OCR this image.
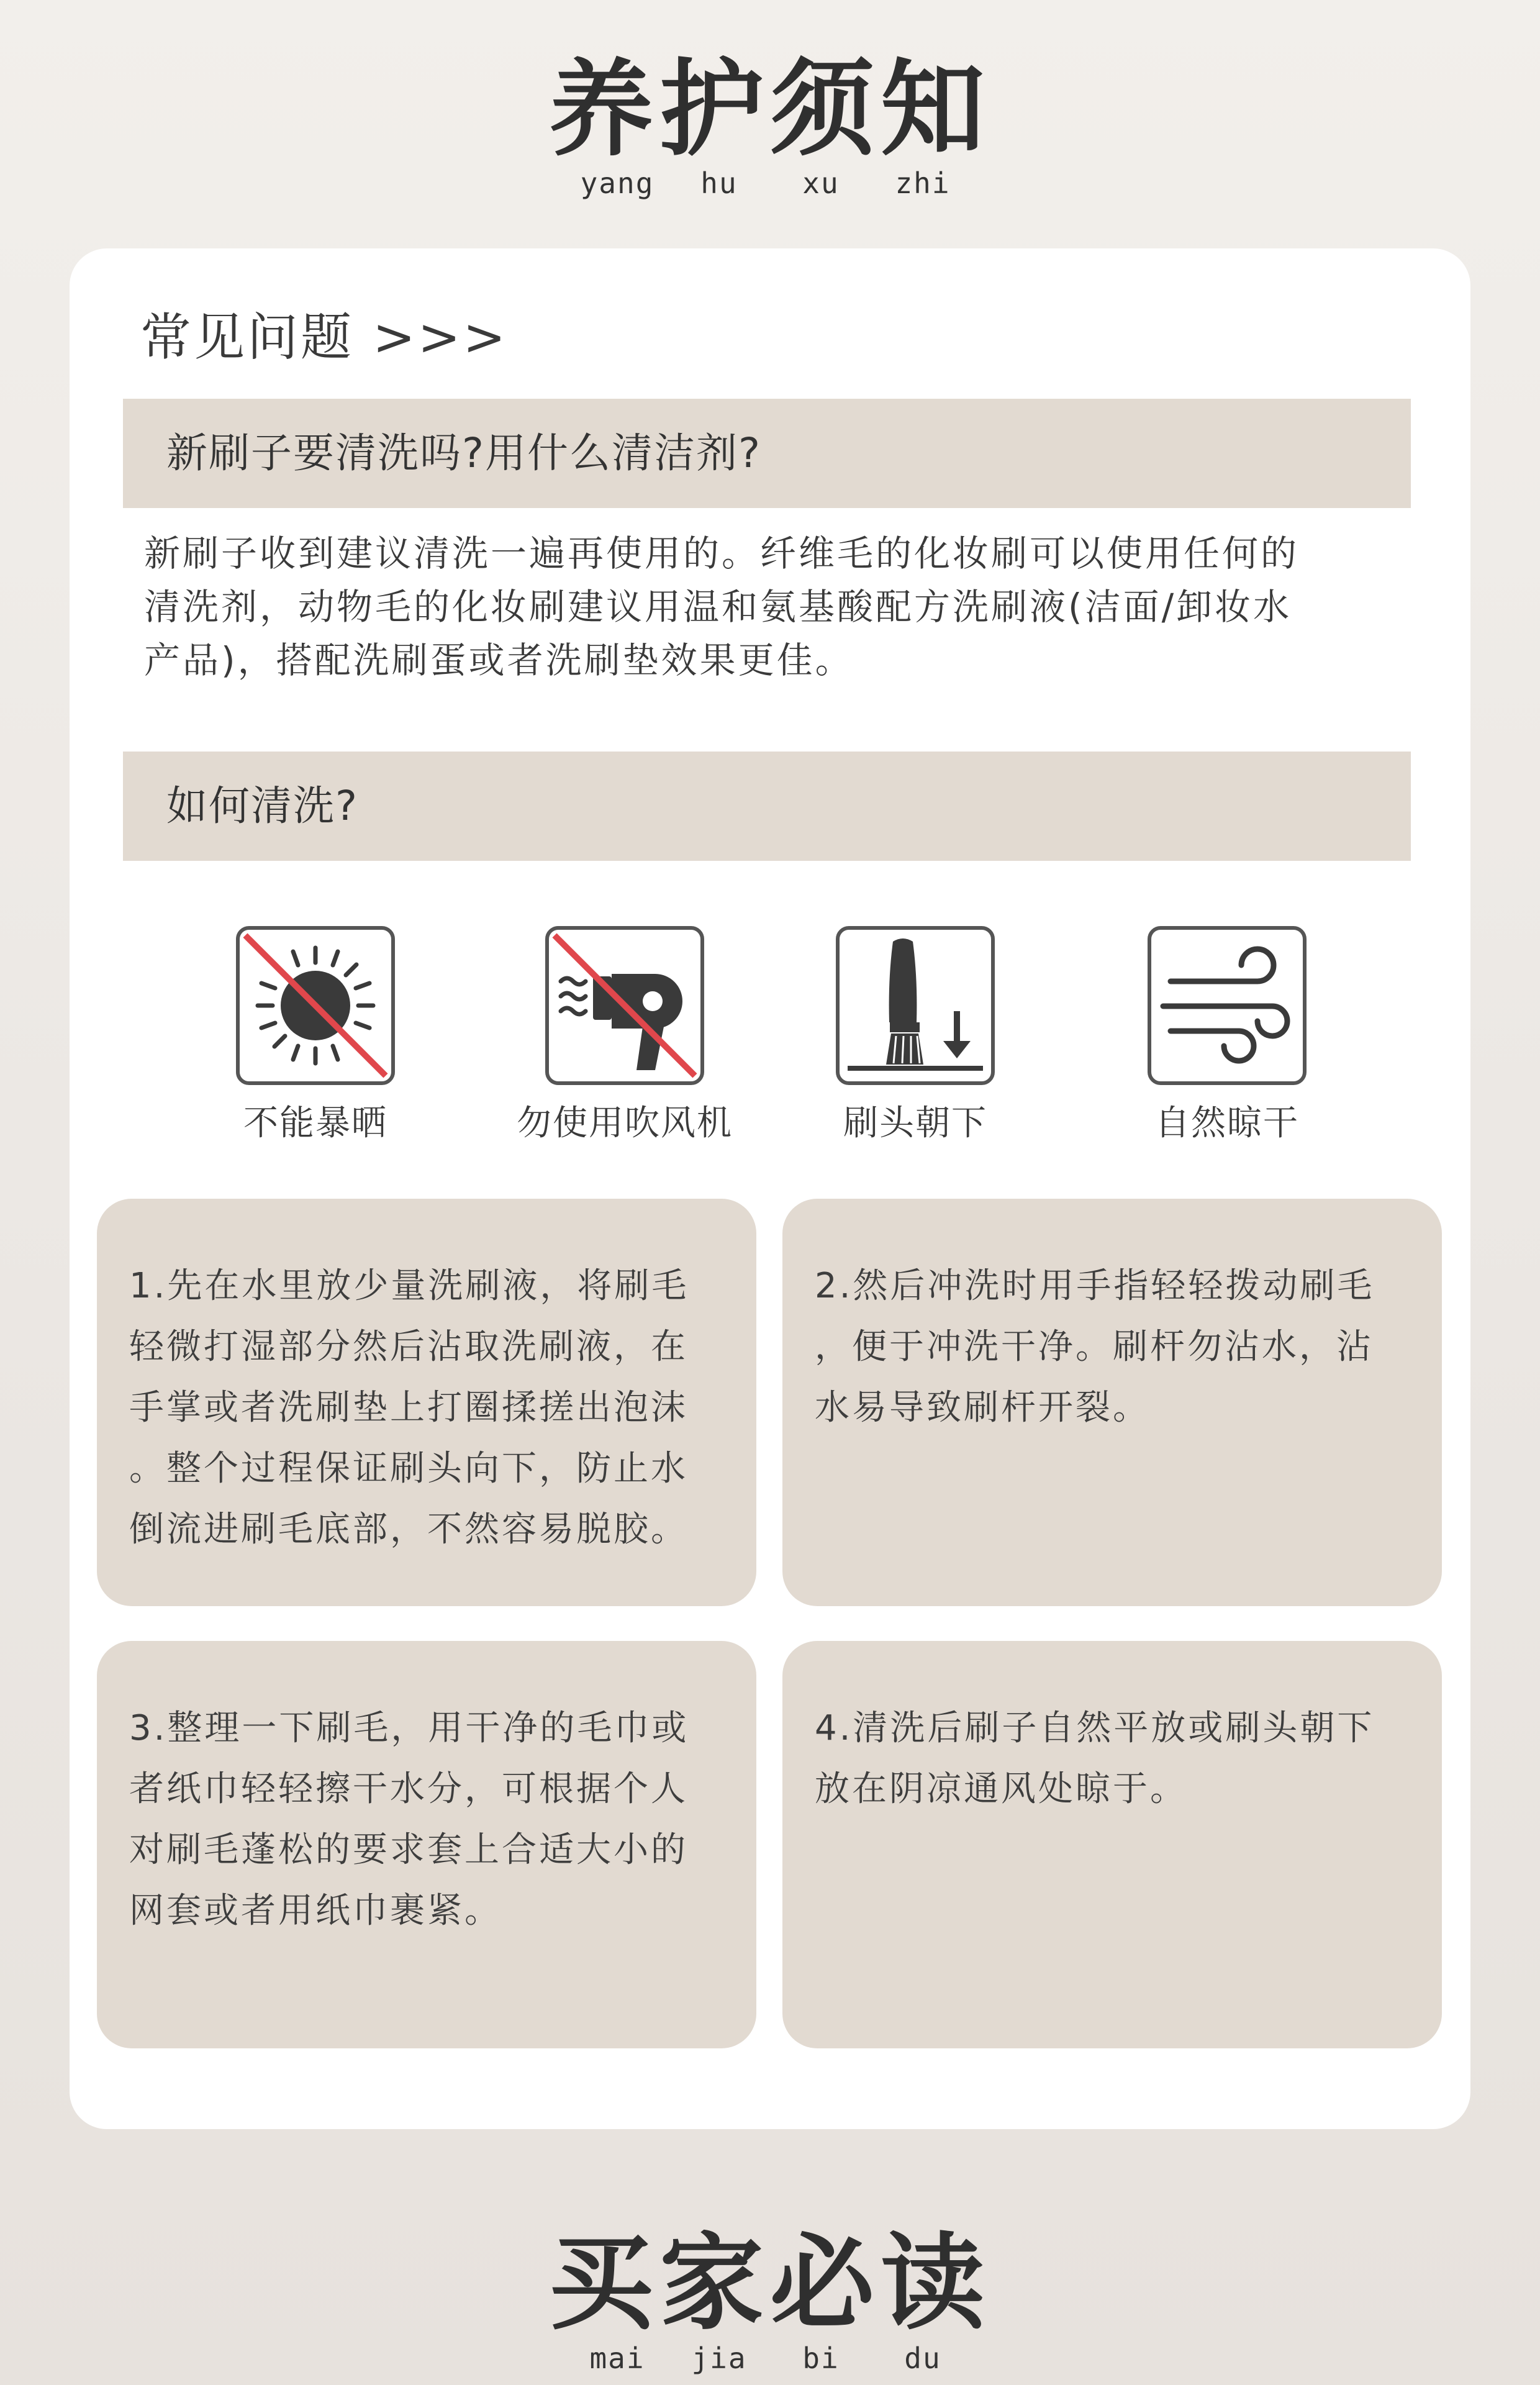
养护须知
yang	hu	xu	zhi
常见问题 >>>
新刷子要清洗吗?用什么清洁剂?
新刷子收到建议清洗一遍再使用的。纤维毛的化妆刷可以使用任何的
清洗剂，动物毛的化妆刷建议用温和氨基酸配方洗刷液(洁面/卸妆水
产品)，搭配洗刷蛋或者洗刷垫效果更佳。
如何清洗?
不能暴晒	勿使用吹风机	刷头朝下	自然晾干
1.先在水里放少量洗刷液，将刷毛
轻微打湿部分然后沾取洗刷液，在
手掌或者洗刷垫上打圈揉搓出泡沫
。整个过程保证刷头向下，防止水
倒流进刷毛底部，不然容易脱胶。
2.然后冲洗时用手指轻轻拨动刷毛
，便于冲洗干净。刷杆勿沾水，沾
水易导致刷杆开裂。
3.整理一下刷毛，用干净的毛巾或
者纸巾轻轻擦干水分，可根据个人
对刷毛蓬松的要求套上合适大小的
网套或者用纸巾裹紧。
4.清洗后刷子自然平放或刷头朝下
放在阴凉通风处晾于。
买家必读
mai	jia	bi	du
